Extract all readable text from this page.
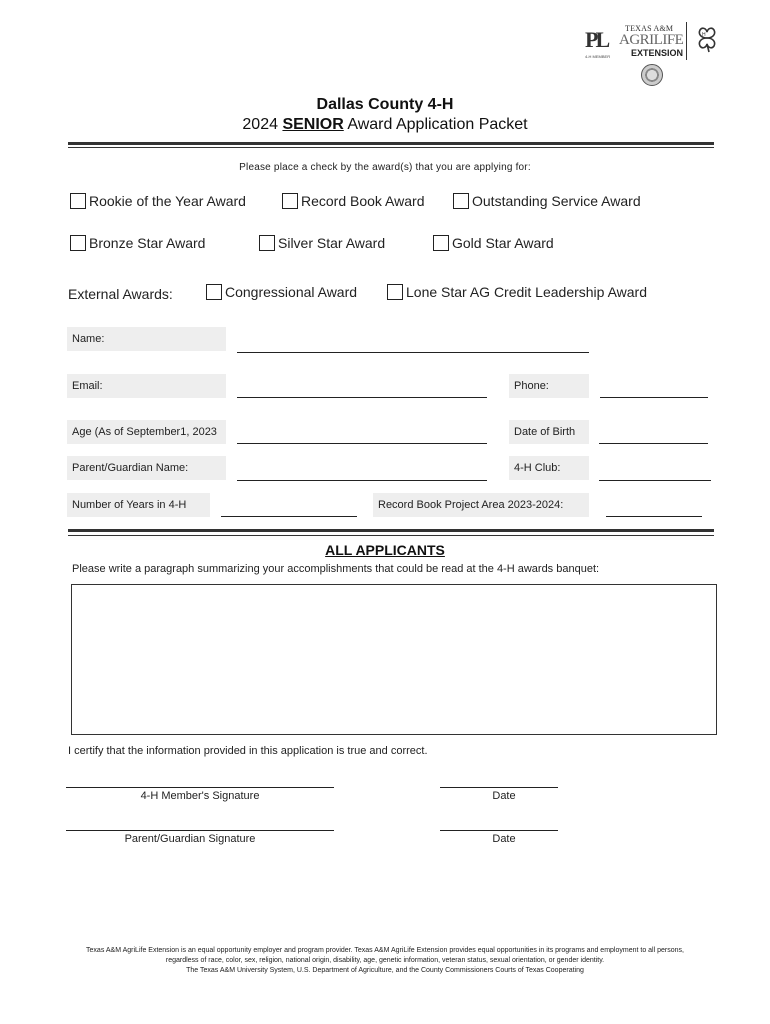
PL
4-H MEMBER
TEXAS A&M
AGRILIFE
EXTENSION
H
Dallas County 4-H
2024 SENIOR Award Application Packet
Please place a check by the award(s) that you are applying for:
Rookie of the Year Award	Record Book Award	Outstanding Service Award
Bronze Star Award	Silver Star Award	Gold Star Award
External Awards:	Congressional Award	Lone Star AG Credit Leadership Award
Name:
Email:	Phone:
Age (As of September1, 2023	Date of Birth
Parent/Guardian Name:	4-H Club:
Number of Years in 4-H	Record Book Project Area 2023-2024:
ALL APPLICANTS
Please write a paragraph summarizing your accomplishments that could be read at the 4-H awards banquet:
I certify that the information provided in this application is true and correct.
4-H Member's Signature	Date
Parent/Guardian Signature	Date
Texas A&M AgriLife Extension is an equal opportunity employer and program provider. Texas A&M AgriLife Extension provides equal opportunities in its programs and employment to all persons,
regardless of race, color, sex, religion, national origin, disability, age, genetic information, veteran status, sexual orientation, or gender identity.
The Texas A&M University System, U.S. Department of Agriculture, and the County Commissioners Courts of Texas Cooperating
